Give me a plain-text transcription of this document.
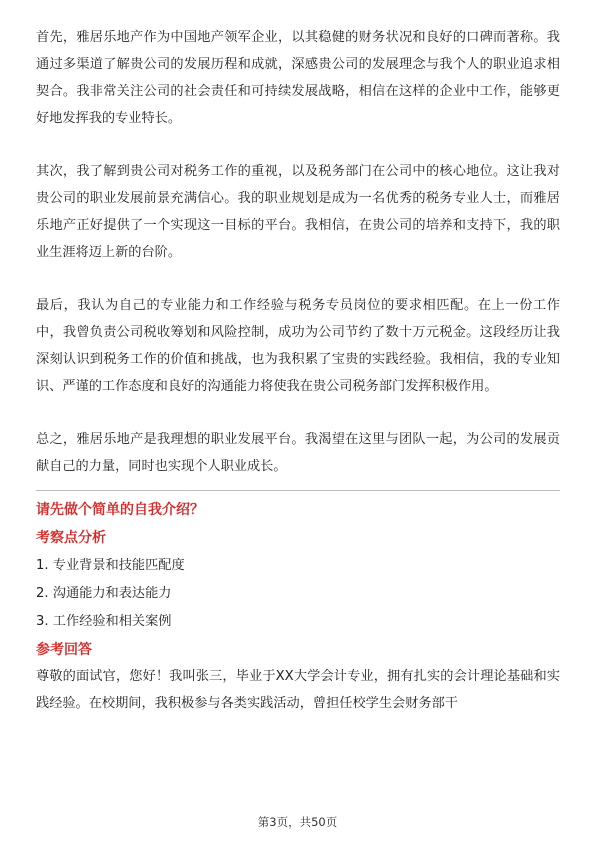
首先，雅居乐地产作为中国地产领军企业，以其稳健的财务状况和良好的口碑而著称。我通过多渠道了解贵公司的发展历程和成就，深感贵公司的发展理念与我个人的职业追求相契合。我非常关注公司的社会责任和可持续发展战略，相信在这样的企业中工作，能够更好地发挥我的专业特长。

其次，我了解到贵公司对税务工作的重视，以及税务部门在公司中的核心地位。这让我对贵公司的职业发展前景充满信心。我的职业规划是成为一名优秀的税务专业人士，而雅居乐地产正好提供了一个实现这一目标的平台。我相信，在贵公司的培养和支持下，我的职业生涯将迈上新的台阶。

最后，我认为自己的专业能力和工作经验与税务专员岗位的要求相匹配。在上一份工作中，我曾负责公司税收筹划和风险控制，成功为公司节约了数十万元税金。这段经历让我深刻认识到税务工作的价值和挑战，也为我积累了宝贵的实践经验。我相信，我的专业知识、严谨的工作态度和良好的沟通能力将使我在贵公司税务部门发挥积极作用。

总之，雅居乐地产是我理想的职业发展平台。我渴望在这里与团队一起，为公司的发展贡献自己的力量，同时也实现个人职业成长。

请先做个简单的自我介绍？

考察点分析

1. 专业背景和技能匹配度

2. 沟通能力和表达能力

3. 工作经验和相关案例

参考回答

尊敬的面试官，您好！我叫张三，毕业于XX大学会计专业，拥有扎实的会计理论基础和实践经验。在校期间，我积极参与各类实践活动，曾担任校学生会财务部干

第3页，共50页
